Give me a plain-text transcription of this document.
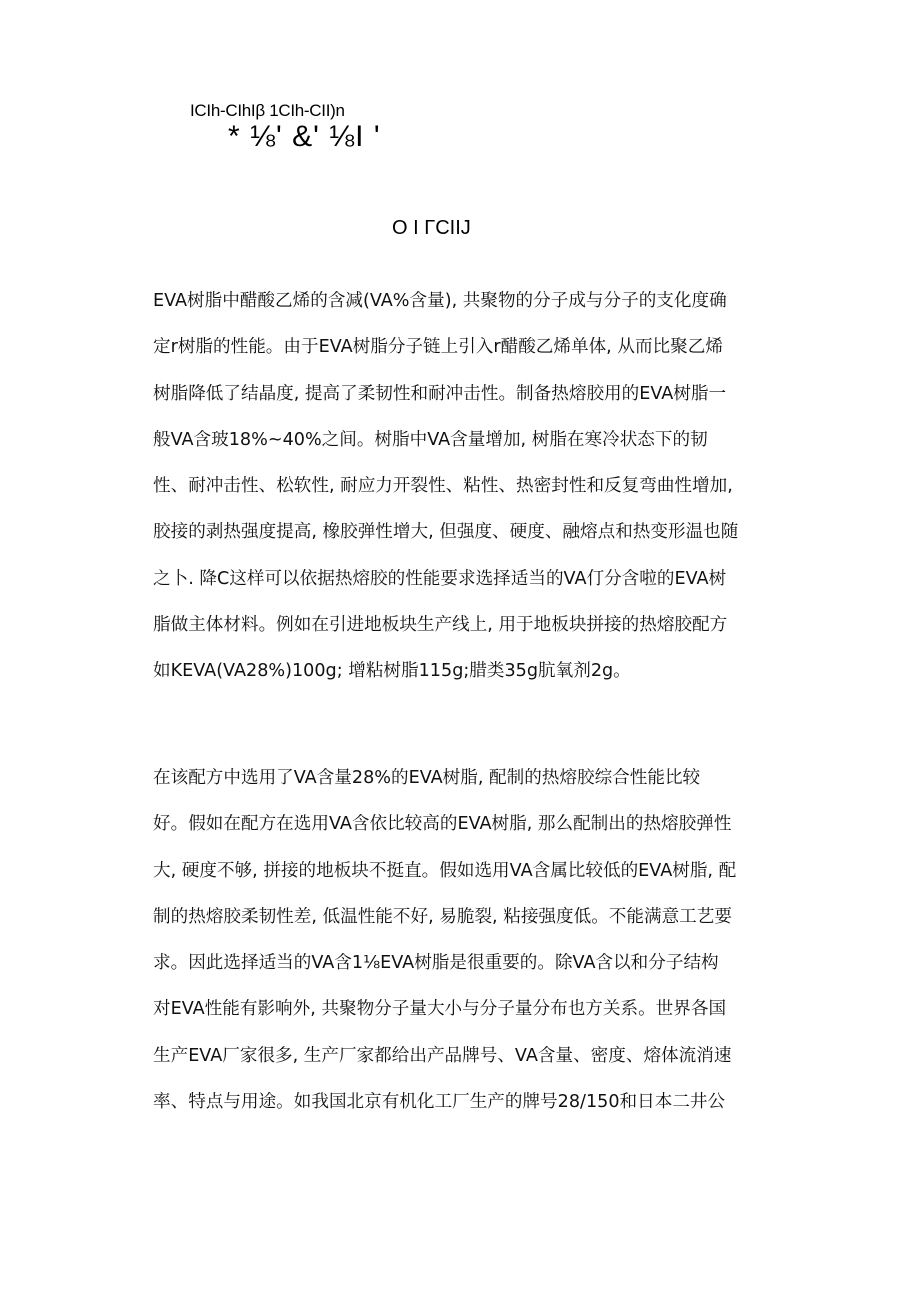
ICIh-CIhIβ 1CIh-CII)n
* ⅛' &' ⅛I '
O I ΓCIIJ
EVA树脂中醋酸乙烯的含减(VA%含量), 共聚物的分子成与分子的支化度确
定r树脂的性能。由于EVA树脂分子链上引入r醋酸乙烯单体, 从而比聚乙烯
树脂降低了结晶度, 提高了柔韧性和耐冲击性。制备热熔胶用的EVA树脂一
般VA含玻18%~40%之间。树脂中VA含量增加, 树脂在寒冷状态下的韧
性、耐冲击性、松软性, 耐应力开裂性、粘性、热密封性和反复弯曲性增加,
胶接的剥热强度提高, 橡胶弹性增大, 但强度、硬度、融熔点和热变形温也随
之卜. 降C这样可以依据热熔胶的性能要求选择适当的VA仃分含啦的EVA树
脂做主体材料。例如在引进地板块生产线上, 用于地板块拼接的热熔胶配方
如KEVA(VA28%)100g; 增粘树脂115g;腊类35g肮氧剂2g。
在该配方中选用了VA含量28%的EVA树脂, 配制的热熔胶综合性能比较
好。假如在配方在选用VA含依比较高的EVA树脂, 那么配制出的热熔胶弹性
大, 硬度不够, 拼接的地板块不挺直。假如选用VA含属比较低的EVA树脂, 配
制的热熔胶柔韧性差, 低温性能不好, 易脆裂, 粘接强度低。不能满意工艺要
求。因此选择适当的VA含1⅛EVA树脂是很重要的。除VA含以和分子结构
对EVA性能有影响外, 共聚物分子量大小与分子量分布也方关系。世界各国
生产EVA厂家很多, 生产厂家都给出产品牌号、VA含量、密度、熔体流消速
率、特点与用途。如我国北京有机化工厂生产的牌号28/150和日本二井公
